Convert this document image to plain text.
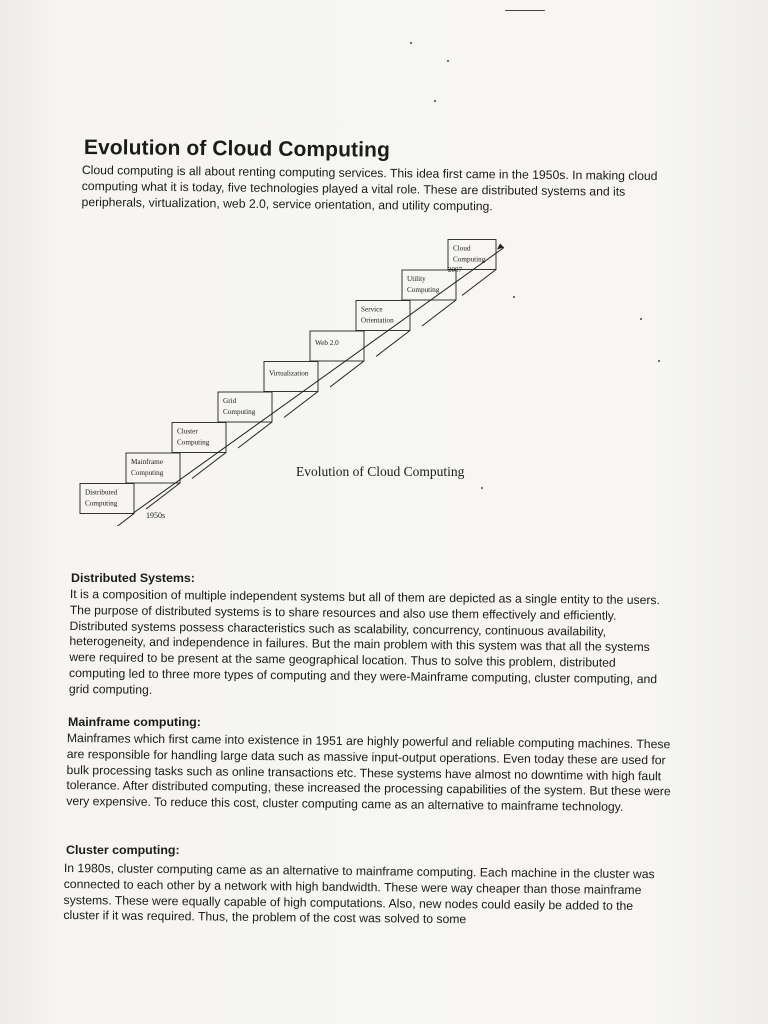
Evolution of Cloud Computing
Cloud computing is all about renting computing services. This idea first came in the 1950s. In making cloud computing what it is today, five technologies played a vital role. These are distributed systems and its peripherals, virtualization, web 2.0, service orientation, and utility computing.
Distributed
Computing
Mainframe
Computing
Cluster
Computing
Grid
Computing
Virtualization
Web 2.0
Service
Orientation
Utility
Computing
Cloud
Computing
Evolution of Cloud Computing
1950s
2007
Distributed Systems:
It is a composition of multiple independent systems but all of them are depicted as a single entity to the users. The purpose of distributed systems is to share resources and also use them effectively and efficiently. Distributed systems possess characteristics such as scalability, concurrency, continuous availability, heterogeneity, and independence in failures. But the main problem with this system was that all the systems were required to be present at the same geographical location. Thus to solve this problem, distributed computing led to three more types of computing and they were-Mainframe computing, cluster computing, and grid computing.
Mainframe computing:
Mainframes which first came into existence in 1951 are highly powerful and reliable computing machines. These are responsible for handling large data such as massive input-output operations. Even today these are used for bulk processing tasks such as online transactions etc. These systems have almost no downtime with high fault tolerance. After distributed computing, these increased the processing capabilities of the system. But these were very expensive. To reduce this cost, cluster computing came as an alternative to mainframe technology.
Cluster computing:
In 1980s, cluster computing came as an alternative to mainframe computing. Each machine in the cluster was connected to each other by a network with high bandwidth. These were way cheaper than those mainframe systems. These were equally capable of high computations. Also, new nodes could easily be added to the cluster if it was required. Thus, the problem of the cost was solved to some
